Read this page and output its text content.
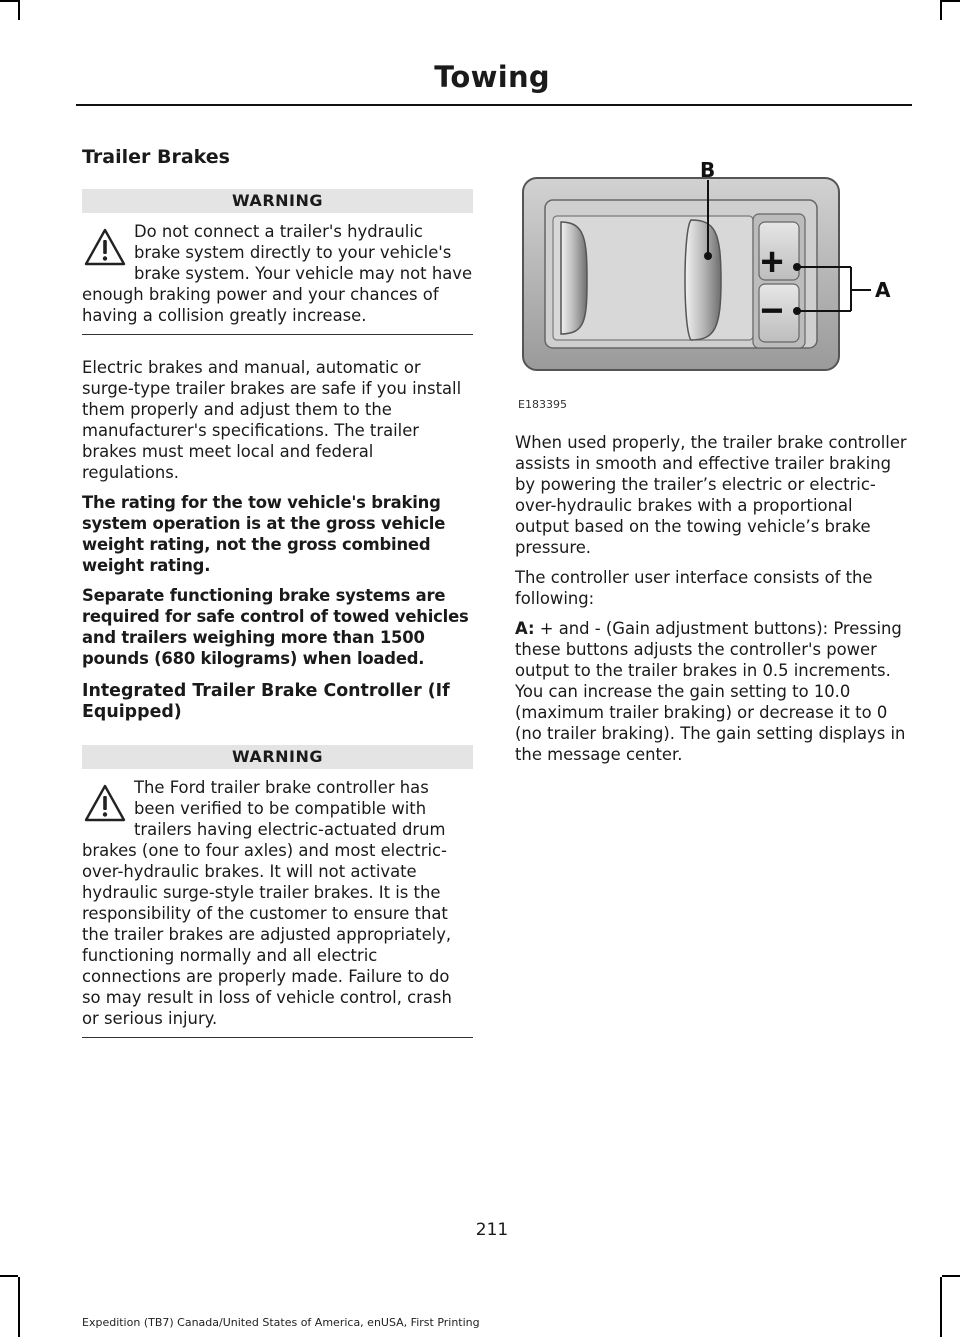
Towing
Trailer Brakes
WARNING

Do not connect a trailer's hydraulic brake system directly to your vehicle's brake system. Your vehicle may not have enough braking power and your chances of having a collision greatly increase.

Electric brakes and manual, automatic or surge-type trailer brakes are safe if you install them properly and adjust them to the manufacturer's specifications. The trailer brakes must meet local and federal regulations.

The rating for the tow vehicle's braking system operation is at the gross vehicle weight rating, not the gross combined weight rating.

Separate functioning brake systems are required for safe control of towed vehicles and trailers weighing more than 1500 pounds (680 kilograms) when loaded.

Integrated Trailer Brake Controller (If Equipped)
WARNING

The Ford trailer brake controller has been verified to be compatible with trailers having electric-actuated drum brakes (one to four axles) and most electric-over-hydraulic brakes. It will not activate hydraulic surge-style trailer brakes. It is the responsibility of the customer to ensure that the trailer brakes are adjusted appropriately, functioning normally and all electric connections are properly made. Failure to do so may result in loss of vehicle control, crash or serious injury.

+
−
B
A
E183395

When used properly, the trailer brake controller assists in smooth and effective trailer braking by powering the trailer’s electric or electric-over-hydraulic brakes with a proportional output based on the towing vehicle’s brake pressure.

The controller user interface consists of the following:

A: + and - (Gain adjustment buttons): Pressing these buttons adjusts the controller's power output to the trailer brakes in 0.5 increments. You can increase the gain setting to 10.0 (maximum trailer braking) or decrease it to 0 (no trailer braking). The gain setting displays in the message center.

211
Expedition (TB7) Canada/United States of America, enUSA, First Printing
